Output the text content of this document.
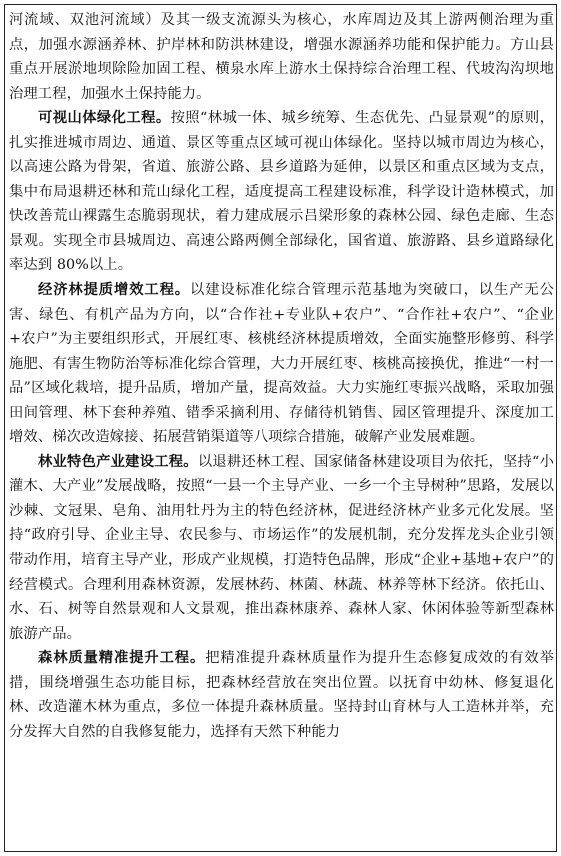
河流域、双池河流域）及其一级支流源头为核心，水库周边及其上游两侧治理为重点，加强水源涵养林、护岸林和防洪林建设，增强水源涵养功能和保护能力。方山县重点开展淤地坝除险加固工程、横泉水库上游水土保持综合治理工程、代坡沟沟坝地治理工程，加强水土保持能力。

可视山体绿化工程。按照“林城一体、城乡统筹、生态优先、凸显景观”的原则，扎实推进城市周边、通道、景区等重点区域可视山体绿化。坚持以城市周边为核心，以高速公路为骨架，省道、旅游公路、县乡道路为延伸，以景区和重点区域为支点，集中布局退耕还林和荒山绿化工程，适度提高工程建设标准，科学设计造林模式，加快改善荒山裸露生态脆弱现状，着力建成展示吕梁形象的森林公园、绿色走廊、生态景观。实现全市县城周边、高速公路两侧全部绿化，国省道、旅游路、县乡道路绿化率达到 80%以上。

经济林提质增效工程。以建设标准化综合管理示范基地为突破口，以生产无公害、绿色、有机产品为方向，以“合作社+专业队+农户”、“合作社+农户”、“企业+农户”为主要组织形式，开展红枣、核桃经济林提质增效，全面实施整形修剪、科学施肥、有害生物防治等标准化综合管理，大力开展红枣、核桃高接换优，推进“一村一品”区域化栽培，提升品质，增加产量，提高效益。大力实施红枣振兴战略，采取加强田间管理、林下套种养殖、错季采摘利用、存储待机销售、园区管理提升、深度加工增效、梯次改造嫁接、拓展营销渠道等八项综合措施，破解产业发展难题。

林业特色产业建设工程。以退耕还林工程、国家储备林建设项目为依托，坚持“小灌木、大产业”发展战略，按照“一县一个主导产业、一乡一个主导树种”思路，发展以沙棘、文冠果、皂角、油用牡丹为主的特色经济林，促进经济林产业多元化发展。坚持“政府引导、企业主导、农民参与、市场运作”的发展机制，充分发挥龙头企业引领带动作用，培育主导产业，形成产业规模，打造特色品牌，形成“企业+基地+农户”的经营模式。合理利用森林资源，发展林药、林菌、林蔬、林养等林下经济。依托山、水、石、树等自然景观和人文景观，推出森林康养、森林人家、休闲体验等新型森林旅游产品。

森林质量精准提升工程。把精准提升森林质量作为提升生态修复成效的有效举措，围绕增强生态功能目标，把森林经营放在突出位置。以抚育中幼林、修复退化林、改造灌木林为重点，多位一体提升森林质量。坚持封山育林与人工造林并举，充分发挥大自然的自我修复能力，选择有天然下种能力
